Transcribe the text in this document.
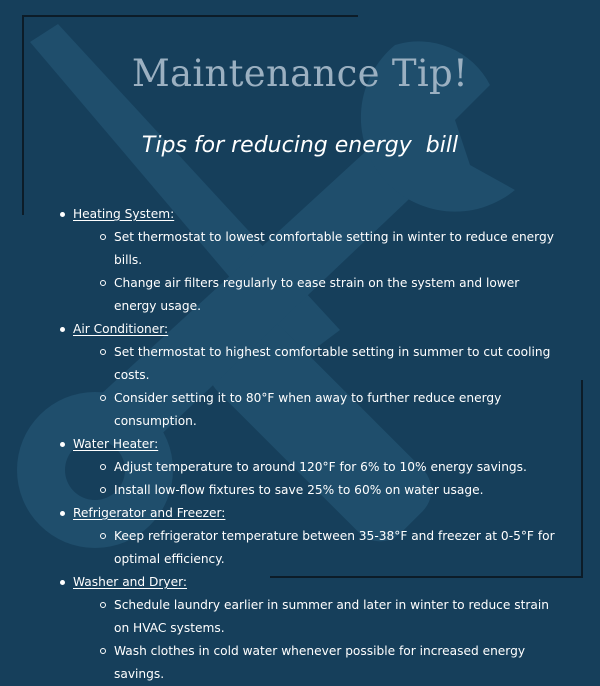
Maintenance Tip!
Tips for reducing energy  bill
Heating System:
Set thermostat to lowest comfortable setting in winter to reduce energy bills.
Change air filters regularly to ease strain on the system and lower energy usage.
Air Conditioner:
Set thermostat to highest comfortable setting in summer to cut cooling costs.
Consider setting it to 80°F when away to further reduce energy consumption.
Water Heater:
Adjust temperature to around 120°F for 6% to 10% energy savings.
Install low-flow fixtures to save 25% to 60% on water usage.
Refrigerator and Freezer:
Keep refrigerator temperature between 35-38°F and freezer at 0-5°F for optimal efficiency.
Washer and Dryer:
Schedule laundry earlier in summer and later in winter to reduce strain on HVAC systems.
Wash clothes in cold water whenever possible for increased energy savings.
